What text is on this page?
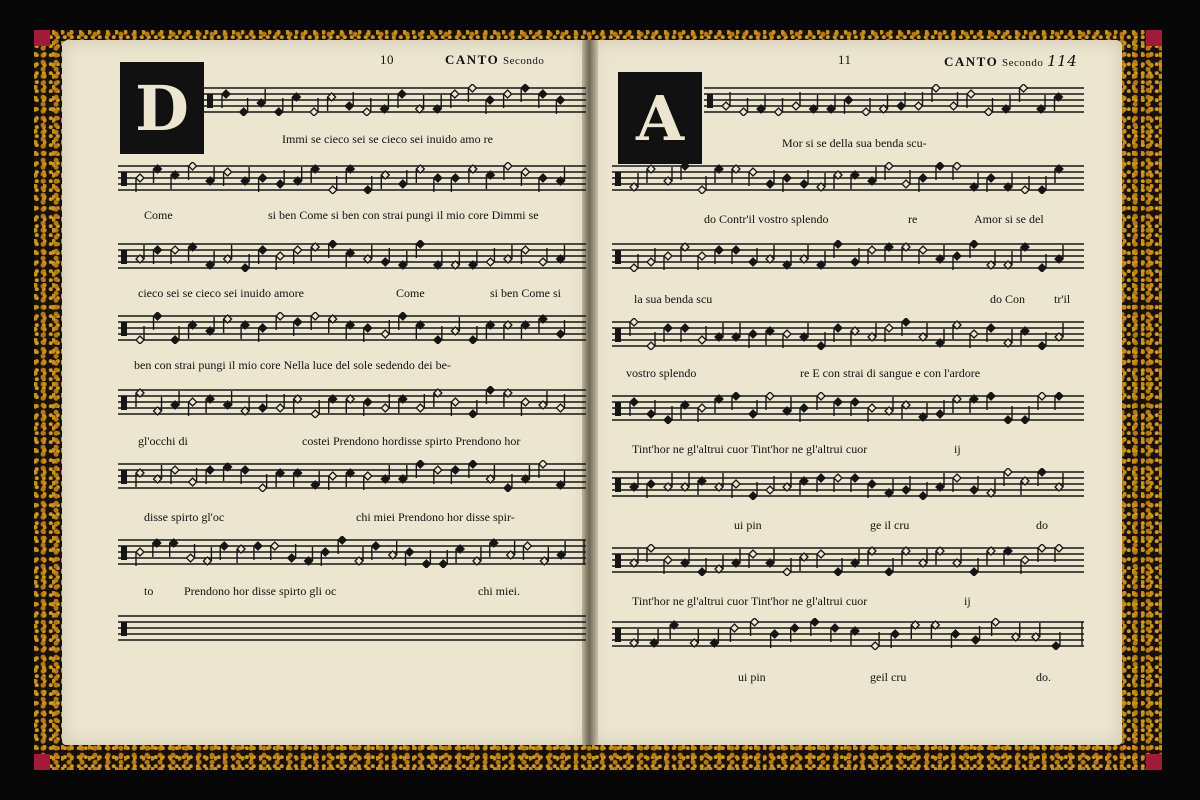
10	CANTO Secondo	11	CANTO Secondo 114
D	A
Immi se cieco sei se cieco sei inuido amo re
Come	si ben Come si ben con strai pungi il mio core Dimmi se
cieco sei se cieco sei inuido amore	Come	si ben Come si
ben con strai pungi il mio core Nella luce del sole sedendo dei be-
gl'occhi di	costei Prendono hordisse spirto Prendono hor
disse spirto gl'oc	chi miei Prendono hor disse spir-
to	Prendono hor disse spirto gli oc	chi miei.
Mor si se della sua benda scu-
do Contr'il vostro splendo	re	Amor si se del
la sua benda scu	do Con tr'il
vostro splendo	re E con strai di sangue e con l'ardore
Tint'hor ne gl'altrui cuor Tint'hor ne gl'altrui cuor	ij
ui pin	ge il cru	do
Tint'hor ne gl'altrui cuor Tint'hor ne gl'altrui cuor	ij
ui pin	geil cru	do.
